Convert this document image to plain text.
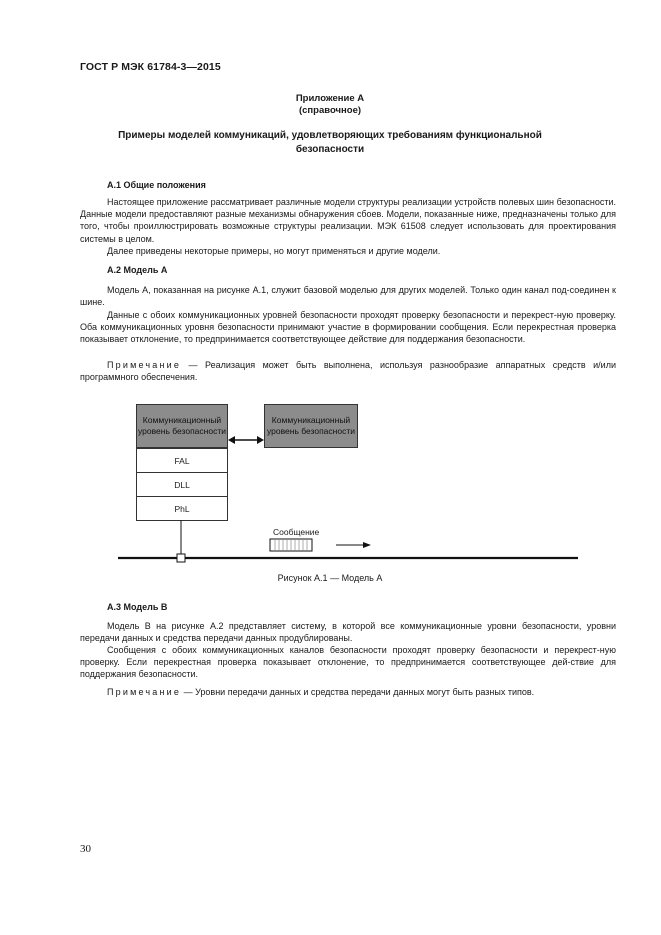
ГОСТ Р МЭК 61784-3—2015
Приложение А
(справочное)
Примеры моделей коммуникаций, удовлетворяющих требованиям функциональной
безопасности
А.1 Общие положения
Настоящее приложение рассматривает различные модели структуры реализации устройств полевых шин безопасности. Данные модели предоставляют разные механизмы обнаружения сбоев. Модели, показанные ниже, предназначены только для того, чтобы проиллюстрировать возможные структуры реализации. МЭК 61508 следует использовать для проектирования системы в целом.
Далее приведены некоторые примеры, но могут применяться и другие модели.
А.2 Модель А
Модель А, показанная на рисунке А.1, служит базовой моделью для других моделей. Только один канал под-соединен к шине.
Данные с обоих коммуникационных уровней безопасности проходят проверку безопасности и перекрест-ную проверку. Оба коммуникационных уровня безопасности принимают участие в формировании сообщения. Если перекрестная проверка показывает отклонение, то предпринимается соответствующее действие для поддержания безопасности.
Примечание — Реализация может быть выполнена, используя разнообразие аппаратных средств и/или программного обеспечения.
Коммуникационный уровень безопасности
Коммуникационный уровень безопасности
FAL
DLL
PhL
Сообщение
Рисунок А.1 — Модель А
А.3 Модель В
Модель В на рисунке А.2 представляет систему, в которой все коммуникационные уровни безопасности, уровни передачи данных и средства передачи данных продублированы.
Сообщения с обоих коммуникационных каналов безопасности проходят проверку безопасности и перекрест-ную проверку. Если перекрестная проверка показывает отклонение, то предпринимается соответствующее дей-ствие для поддержания безопасности.
Примечание — Уровни передачи данных и средства передачи данных могут быть разных типов.
30
